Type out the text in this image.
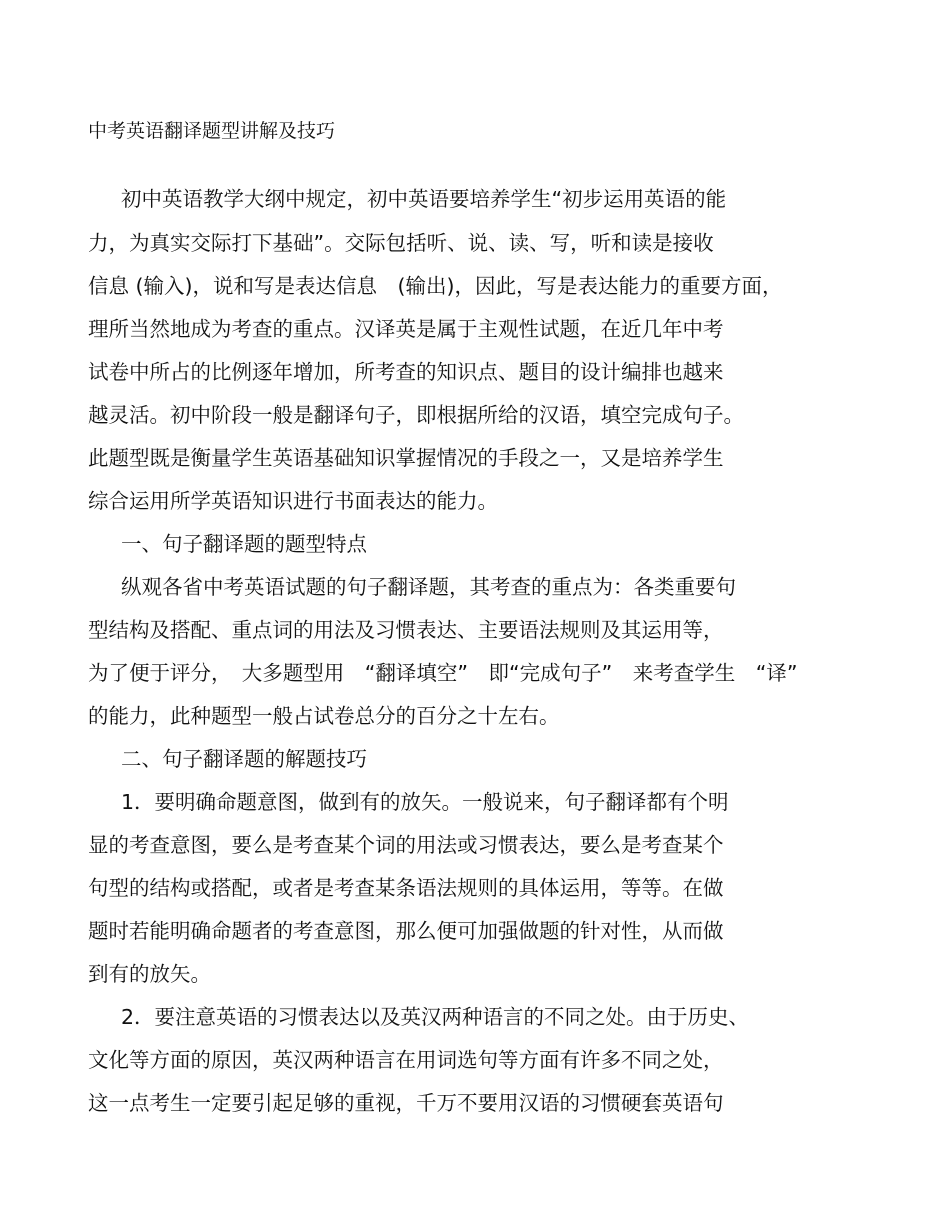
中考英语翻译题型讲解及技巧
初中英语教学大纲中规定，初中英语要培养学生“初步运用英语的能
力，为真实交际打下基础”。交际包括听、说、读、写，听和读是接收
信息 (输入)，说和写是表达信息　(输出)，因此，写是表达能力的重要方面，
理所当然地成为考查的重点。汉译英是属于主观性试题，在近几年中考
试卷中所占的比例逐年增加，所考查的知识点、题目的设计编排也越来
越灵活。初中阶段一般是翻译句子，即根据所给的汉语，填空完成句子。
此题型既是衡量学生英语基础知识掌握情况的手段之一，又是培养学生
综合运用所学英语知识进行书面表达的能力。
一、句子翻译题的题型特点
纵观各省中考英语试题的句子翻译题，其考查的重点为：各类重要句
型结构及搭配、重点词的用法及习惯表达、主要语法规则及其运用等，
为了便于评分，　大多题型用　“翻译填空”　即“完成句子”　来考查学生　“译”
的能力，此种题型一般占试卷总分的百分之十左右。
二、句子翻译题的解题技巧
1．要明确命题意图，做到有的放矢。一般说来，句子翻译都有个明
显的考查意图，要么是考查某个词的用法或习惯表达，要么是考查某个
句型的结构或搭配，或者是考查某条语法规则的具体运用，等等。在做
题时若能明确命题者的考查意图，那么便可加强做题的针对性，从而做
到有的放矢。
2．要注意英语的习惯表达以及英汉两种语言的不同之处。由于历史、
文化等方面的原因，英汉两种语言在用词选句等方面有许多不同之处，
这一点考生一定要引起足够的重视，千万不要用汉语的习惯硬套英语句
